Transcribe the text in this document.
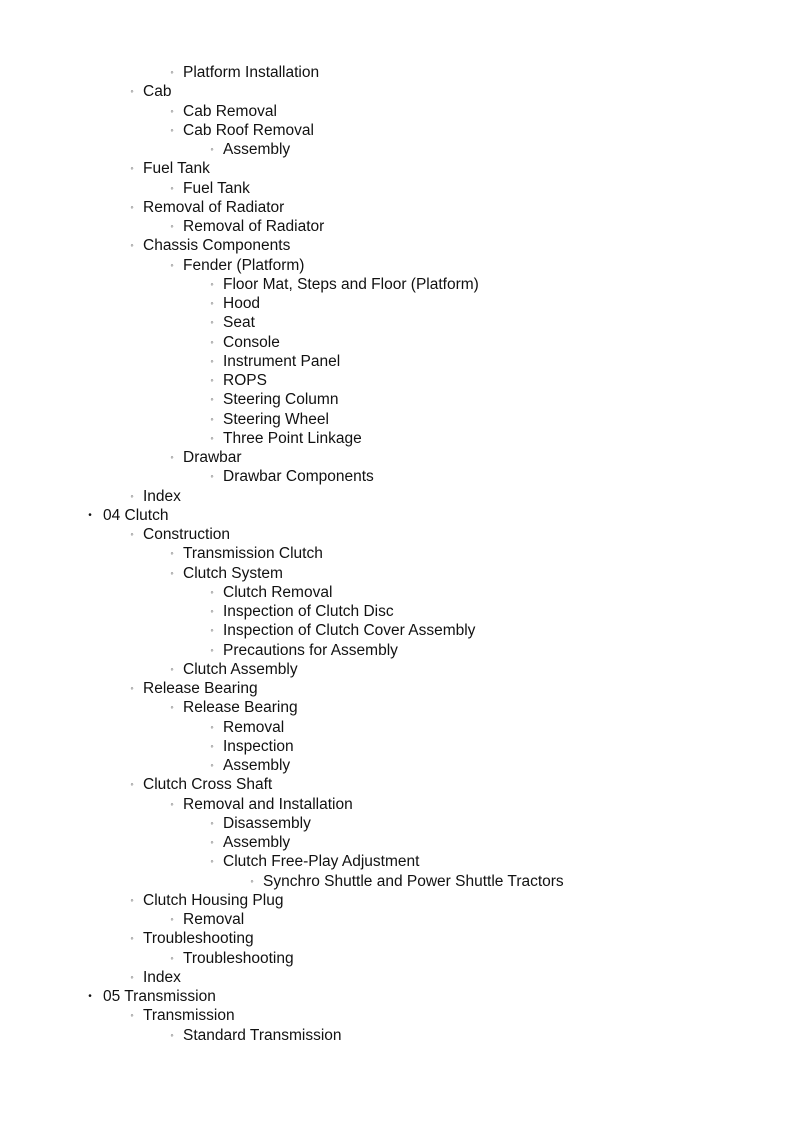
◦ Platform Installation
◦ Cab
◦ Cab Removal
◦ Cab Roof Removal
◦ Assembly
◦ Fuel Tank
◦ Fuel Tank
◦ Removal of Radiator
◦ Removal of Radiator
◦ Chassis Components
◦ Fender (Platform)
◦ Floor Mat, Steps and Floor (Platform)
◦ Hood
◦ Seat
◦ Console
◦ Instrument Panel
◦ ROPS
◦ Steering Column
◦ Steering Wheel
◦ Three Point Linkage
◦ Drawbar
◦ Drawbar Components
◦ Index
• 04 Clutch
◦ Construction
◦ Transmission Clutch
◦ Clutch System
◦ Clutch Removal
◦ Inspection of Clutch Disc
◦ Inspection of Clutch Cover Assembly
◦ Precautions for Assembly
◦ Clutch Assembly
◦ Release Bearing
◦ Release Bearing
◦ Removal
◦ Inspection
◦ Assembly
◦ Clutch Cross Shaft
◦ Removal and Installation
◦ Disassembly
◦ Assembly
◦ Clutch Free-Play Adjustment
◦ Synchro Shuttle and Power Shuttle Tractors
◦ Clutch Housing Plug
◦ Removal
◦ Troubleshooting
◦ Troubleshooting
◦ Index
• 05 Transmission
◦ Transmission
◦ Standard Transmission
